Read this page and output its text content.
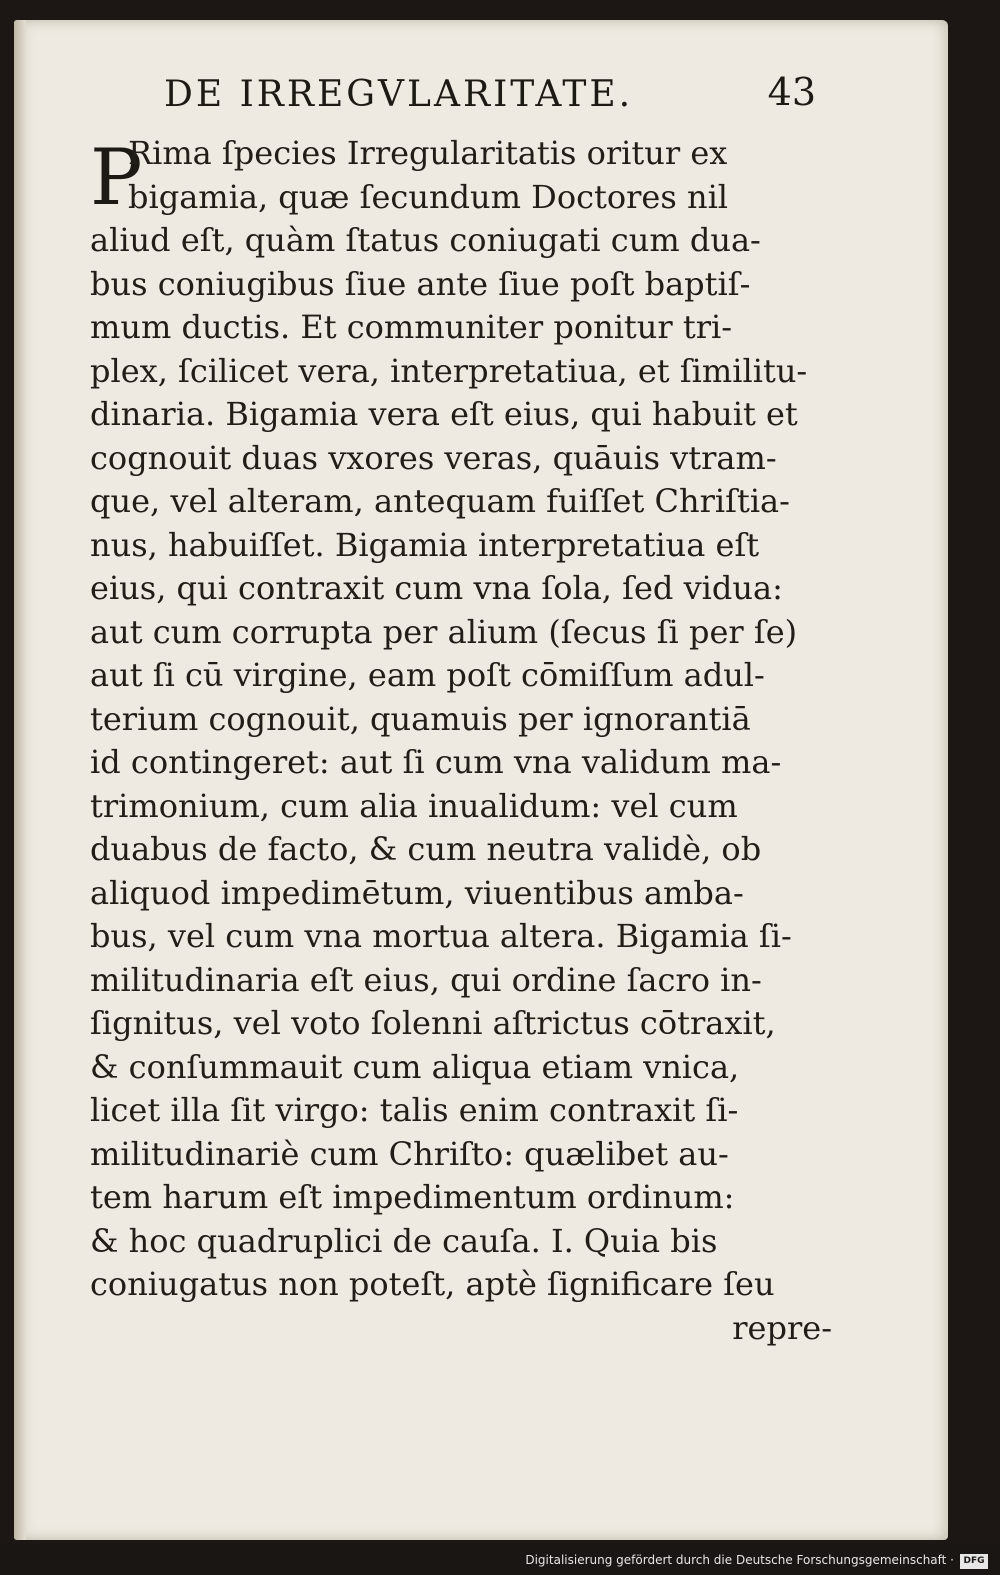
DE IRREGVLARITATE.	43
P
Rima ſpecies Irregularitatis oritur ex
bigamia, quæ ſecundum Doctores nil
aliud eſt, quàm ſtatus coniugati cum dua-
bus coniugibus ſiue ante ſiue poſt baptiſ-
mum ductis. Et communiter ponitur tri-
plex, ſcilicet vera, interpretatiua, et ſimilitu-
dinaria. Bigamia vera eſt eius, qui habuit et
cognouit duas vxores veras, quāuis vtram-
que, vel alteram, antequam fuiſſet Chriſtia-
nus, habuiſſet. Bigamia interpretatiua eſt
eius, qui contraxit cum vna ſola, ſed vidua:
aut cum corrupta per alium (ſecus ſi per ſe)
aut ſi cū virgine, eam poſt cōmiſſum adul-
terium cognouit, quamuis per ignorantiā
id contingeret: aut ſi cum vna validum ma-
trimonium, cum alia inualidum: vel cum
duabus de facto, & cum neutra validè, ob
aliquod impedimētum, viuentibus amba-
bus, vel cum vna mortua altera. Bigamia ſi-
militudinaria eſt eius, qui ordine ſacro in-
ſignitus, vel voto ſolenni aſtrictus cōtraxit,
& conſummauit cum aliqua etiam vnica,
licet illa ſit virgo: talis enim contraxit ſi-
militudinariè cum Chriſto: quælibet au-
tem harum eſt impedimentum ordinum:
& hoc quadruplici de cauſa. I. Quia bis
coniugatus non poteſt, aptè ſignificare ſeu
repre-
Digitalisierung gefördert durch die Deutsche Forschungsgemeinschaft ·	DFG
